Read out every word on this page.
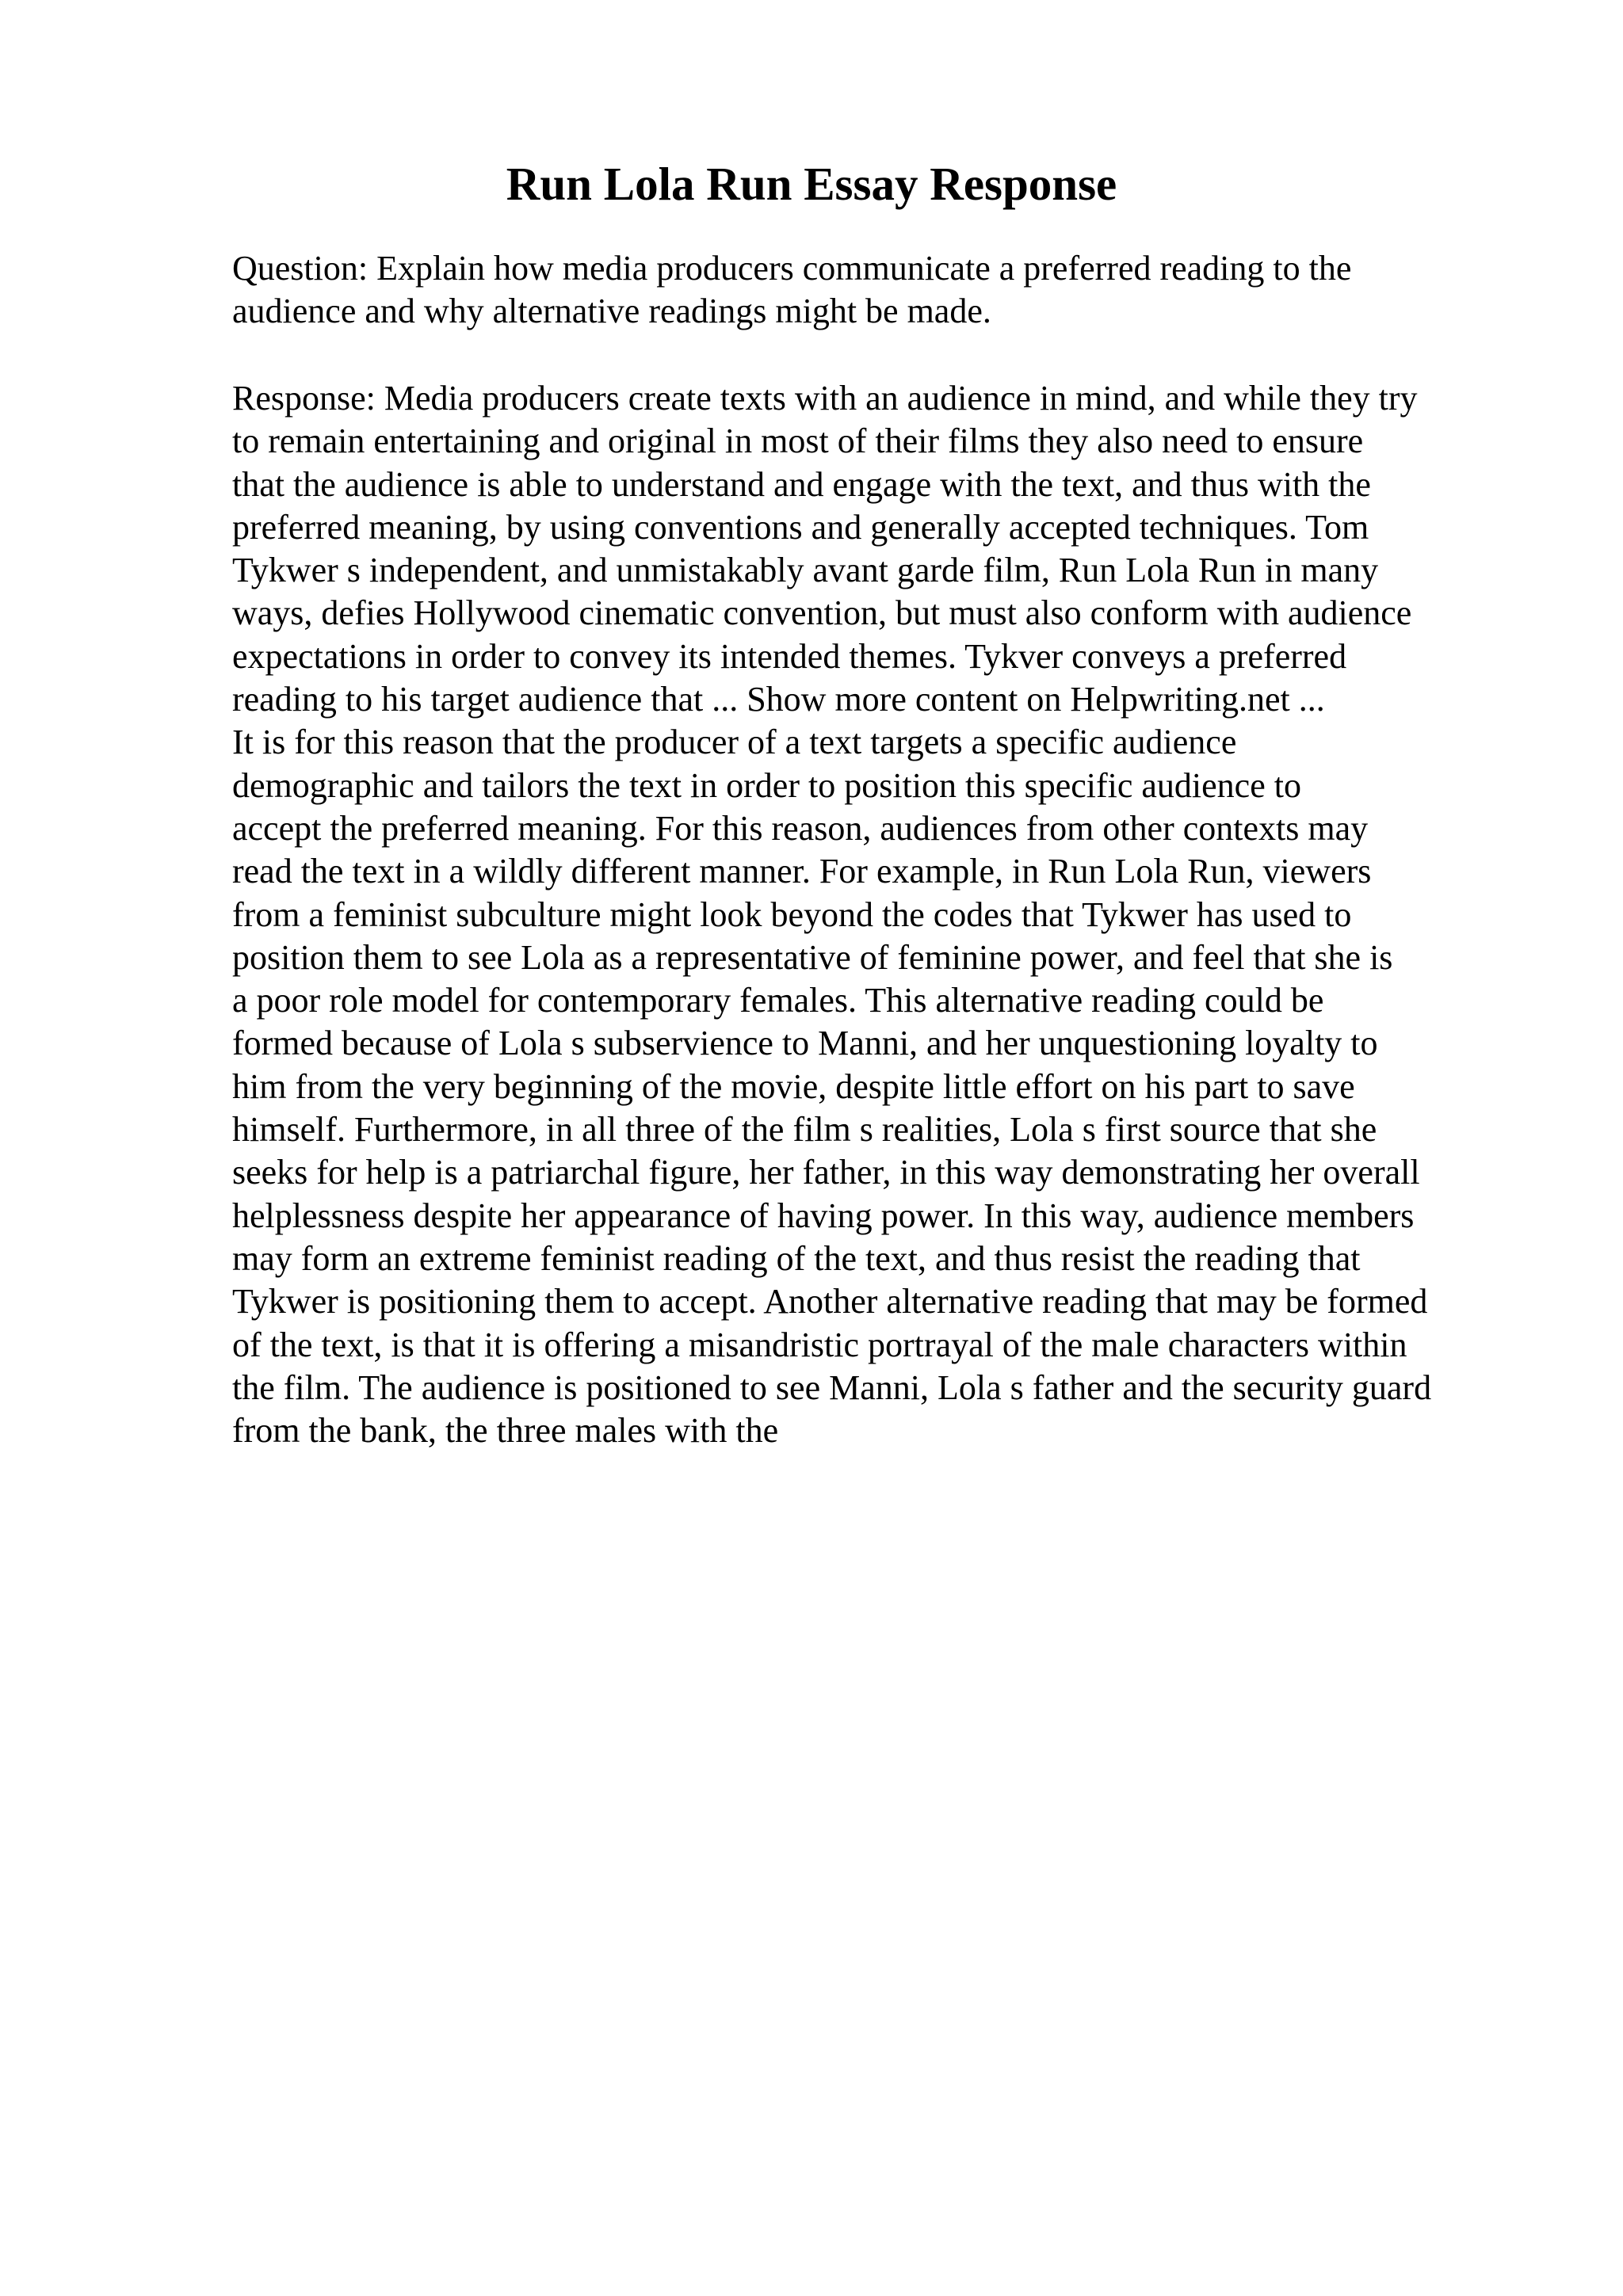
Run Lola Run Essay Response
Question: Explain how media producers communicate a preferred reading to the
audience and why alternative readings might be made.
Response: Media producers create texts with an audience in mind, and while they try
to remain entertaining and original in most of their films they also need to ensure
that the audience is able to understand and engage with the text, and thus with the
preferred meaning, by using conventions and generally accepted techniques. Tom
Tykwer s independent, and unmistakably avant garde film, Run Lola Run in many
ways, defies Hollywood cinematic convention, but must also conform with audience
expectations in order to convey its intended themes. Tykver conveys a preferred
reading to his target audience that ... Show more content on Helpwriting.net ...
It is for this reason that the producer of a text targets a specific audience
demographic and tailors the text in order to position this specific audience to
accept the preferred meaning. For this reason, audiences from other contexts may
read the text in a wildly different manner. For example, in Run Lola Run, viewers
from a feminist subculture might look beyond the codes that Tykwer has used to
position them to see Lola as a representative of feminine power, and feel that she is
a poor role model for contemporary females. This alternative reading could be
formed because of Lola s subservience to Manni, and her unquestioning loyalty to
him from the very beginning of the movie, despite little effort on his part to save
himself. Furthermore, in all three of the film s realities, Lola s first source that she
seeks for help is a patriarchal figure, her father, in this way demonstrating her overall
helplessness despite her appearance of having power. In this way, audience members
may form an extreme feminist reading of the text, and thus resist the reading that
Tykwer is positioning them to accept. Another alternative reading that may be formed
of the text, is that it is offering a misandristic portrayal of the male characters within
the film. The audience is positioned to see Manni, Lola s father and the security guard
from the bank, the three males with the
